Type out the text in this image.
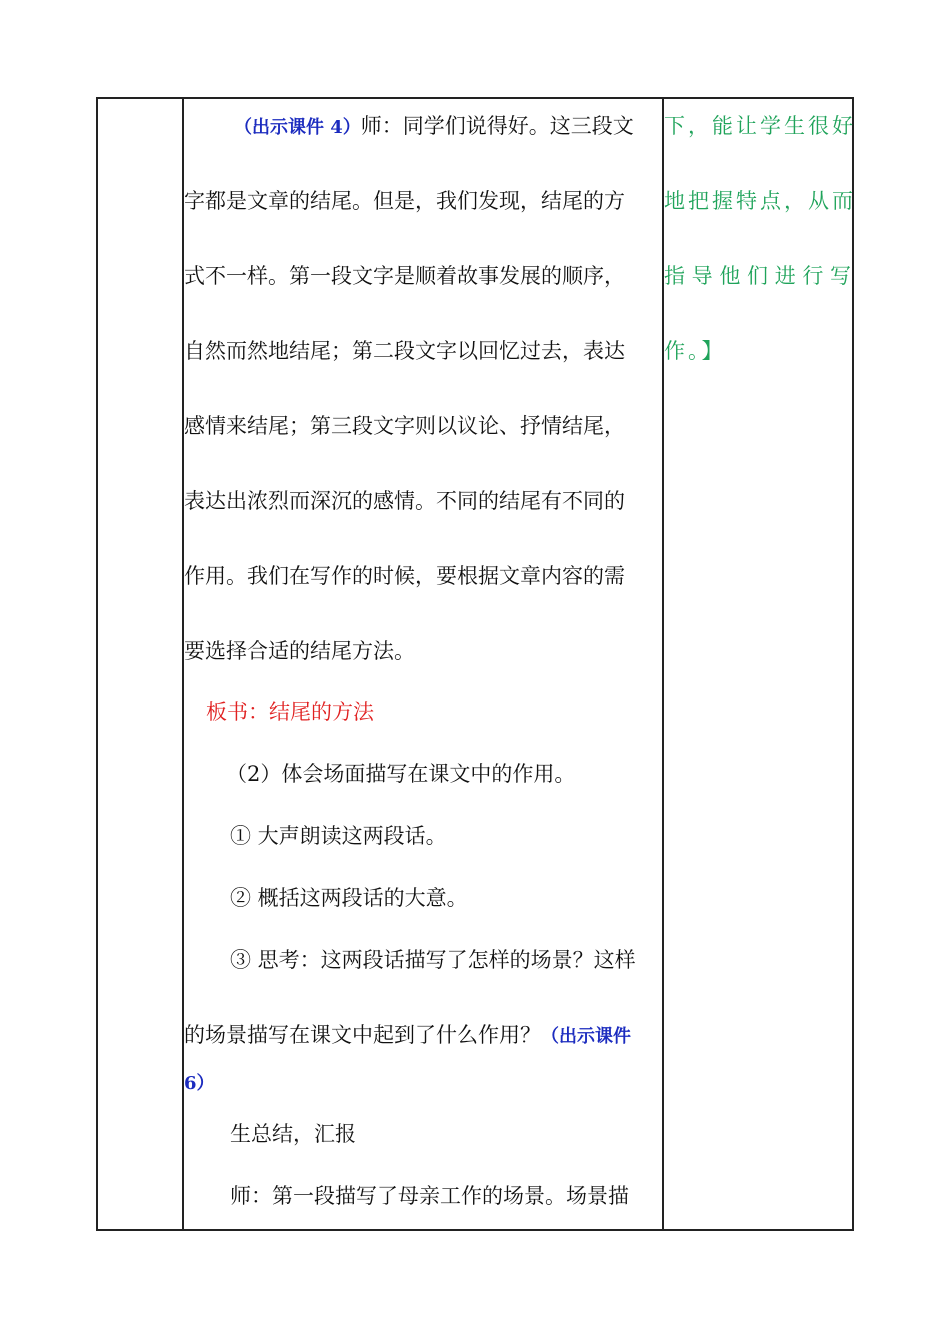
（出示课件 4）师：同学们说得好。这三段文
字都是文章的结尾。但是，我们发现，结尾的方
式不一样。第一段文字是顺着故事发展的顺序，
自然而然地结尾；第二段文字以回忆过去，表达
感情来结尾；第三段文字则以议论、抒情结尾，
表达出浓烈而深沉的感情。不同的结尾有不同的
作用。我们在写作的时候，要根据文章内容的需
要选择合适的结尾方法。
板书：结尾的方法
（2）体会场面描写在课文中的作用。
① 大声朗读这两段话。
② 概括这两段话的大意。
③ 思考：这两段话描写了怎样的场景？这样
的场景描写在课文中起到了什么作用？（出示课件
6）
生总结，汇报
师：第一段描写了母亲工作的场景。场景描
下，能让学生很好
地把握特点，从而
指 导 他 们 进 行 写
作。】
